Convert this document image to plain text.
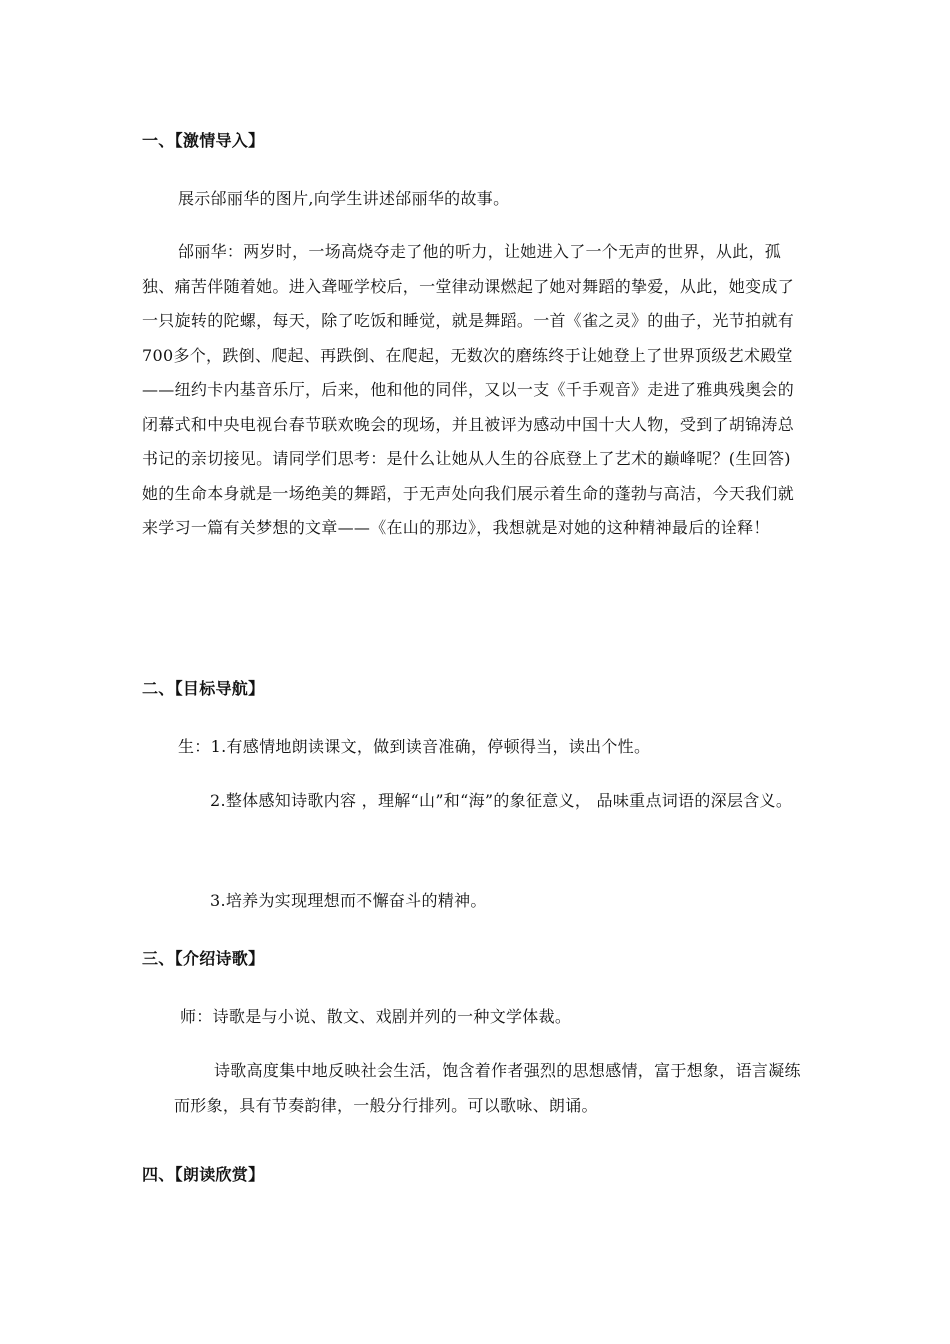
一、【激情导入】
展示邰丽华的图片,向学生讲述邰丽华的故事。
邰丽华：两岁时，一场高烧夺走了他的听力，让她进入了一个无声的世界，从此，孤独、痛苦伴随着她。进入聋哑学校后，一堂律动课燃起了她对舞蹈的挚爱，从此，她变成了一只旋转的陀螺，每天，除了吃饭和睡觉，就是舞蹈。一首《雀之灵》的曲子，光节拍就有700多个，跌倒、爬起、再跌倒、在爬起，无数次的磨练终于让她登上了世界顶级艺术殿堂——纽约卡内基音乐厅，后来，他和他的同伴，又以一支《千手观音》走进了雅典残奥会的闭幕式和中央电视台春节联欢晚会的现场，并且被评为感动中国十大人物，受到了胡锦涛总书记的亲切接见。请同学们思考：是什么让她从人生的谷底登上了艺术的巅峰呢？(生回答)　　她的生命本身就是一场绝美的舞蹈，于无声处向我们展示着生命的蓬勃与高洁，今天我们就来学习一篇有关梦想的文章——《在山的那边》，我想就是对她的这种精神最后的诠释！
二、【目标导航】
生：1.有感情地朗读课文，做到读音准确，停顿得当，读出个性。
2.整体感知诗歌内容 ，理解“山”和“海”的象征意义， 品味重点词语的深层含义。
3.培养为实现理想而不懈奋斗的精神。
三、【介绍诗歌】
师：诗歌是与小说、散文、戏剧并列的一种文学体裁。
诗歌高度集中地反映社会生活，饱含着作者强烈的思想感情，富于想象，语言凝练而形象，具有节奏韵律，一般分行排列。可以歌咏、朗诵。
四、【朗读欣赏】
